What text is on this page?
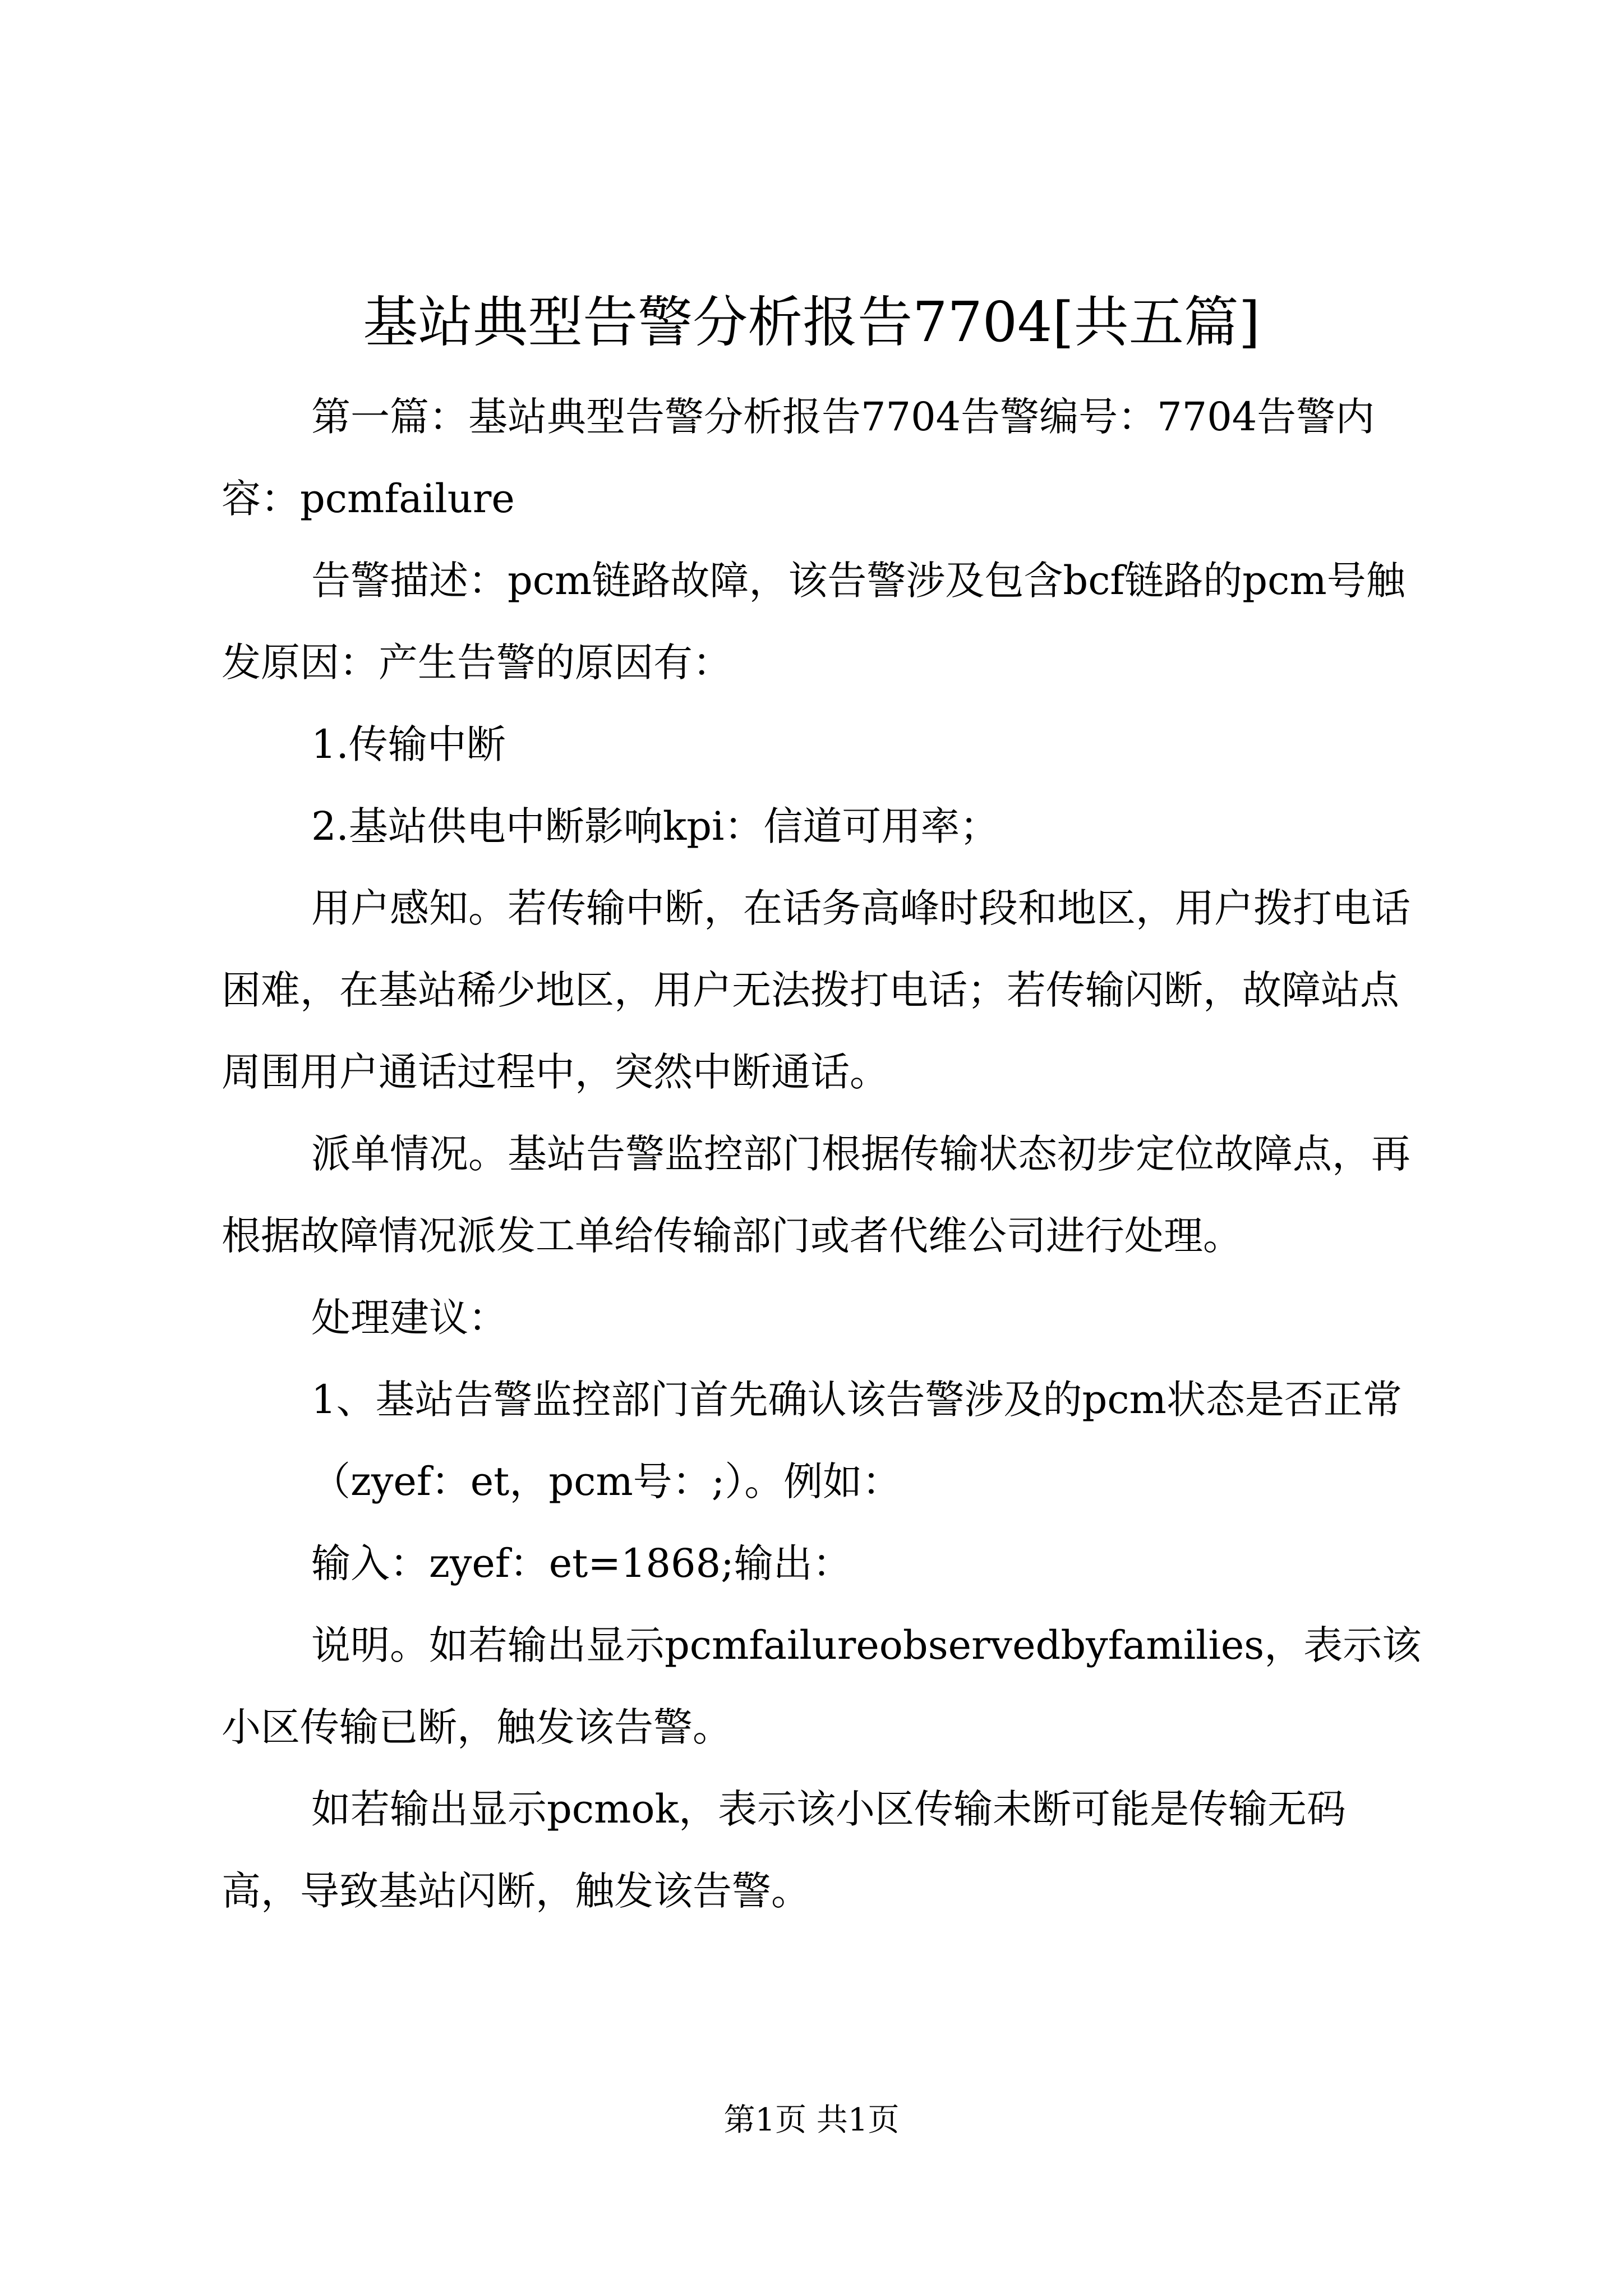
基站典型告警分析报告7704[共五篇]

第一篇：基站典型告警分析报告7704告警编号：7704告警内容：pcmfailure

告警描述：pcm链路故障，该告警涉及包含bcf链路的pcm号触发原因：产生告警的原因有：

1.传输中断

2.基站供电中断影响kpi：信道可用率；

用户感知。若传输中断，在话务高峰时段和地区，用户拨打电话困难，在基站稀少地区，用户无法拨打电话；若传输闪断，故障站点周围用户通话过程中，突然中断通话。

派单情况。基站告警监控部门根据传输状态初步定位故障点，再根据故障情况派发工单给传输部门或者代维公司进行处理。

处理建议：

1、基站告警监控部门首先确认该告警涉及的pcm状态是否正常

（zyef：et，pcm号：;）。例如：

输入：zyef：et=1868;输出：

说明。如若输出显示pcmfailureobservedbyfamilies，表示该小区传输已断，触发该告警。

如若输出显示pcmok，表示该小区传输未断可能是传输无码高，导致基站闪断，触发该告警。

第1页 共1页
